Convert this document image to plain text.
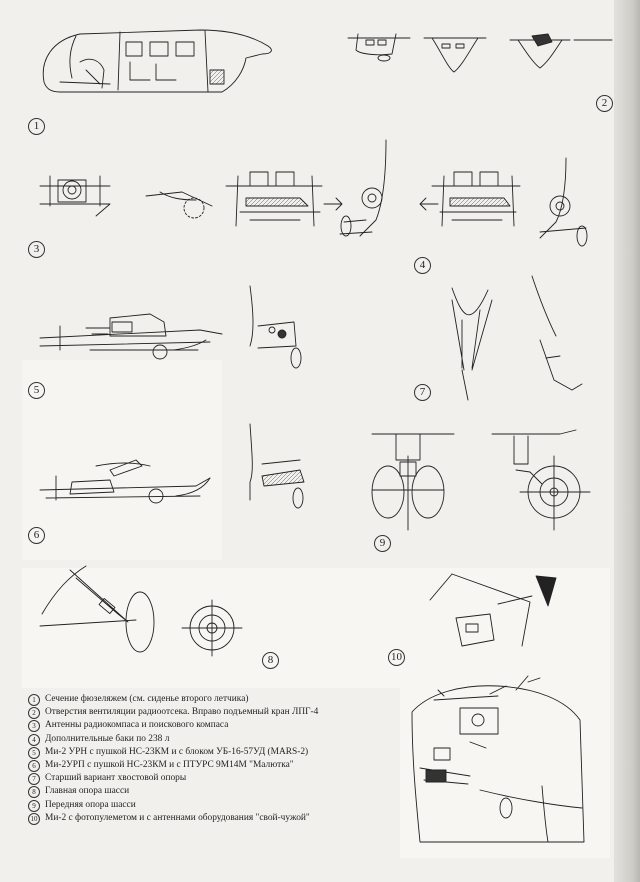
1
2
3
4
5
6
7
8
9
10
1 Сечение фюзеляжем (см. сиденье второго летчика)
2 Отверстия вентиляции радиоотсека. Вправо подъемный кран ЛПГ-4
3 Антенны радиокомпаса и поискового компаса
4 Дополнительные баки по 238 л
5 Ми-2 УРН с пушкой НС-23КМ и с блоком УБ-16-57УД (MARS-2)
6 Ми-2УРП с пушкой НС-23КМ и с ПТУРС 9М14М "Малютка"
7 Старший вариант хвостовой опоры
8 Главная опора шасси
9 Передняя опора шасси
10 Ми-2 с фотопулеметом и с антеннами оборудования "свой-чужой"
